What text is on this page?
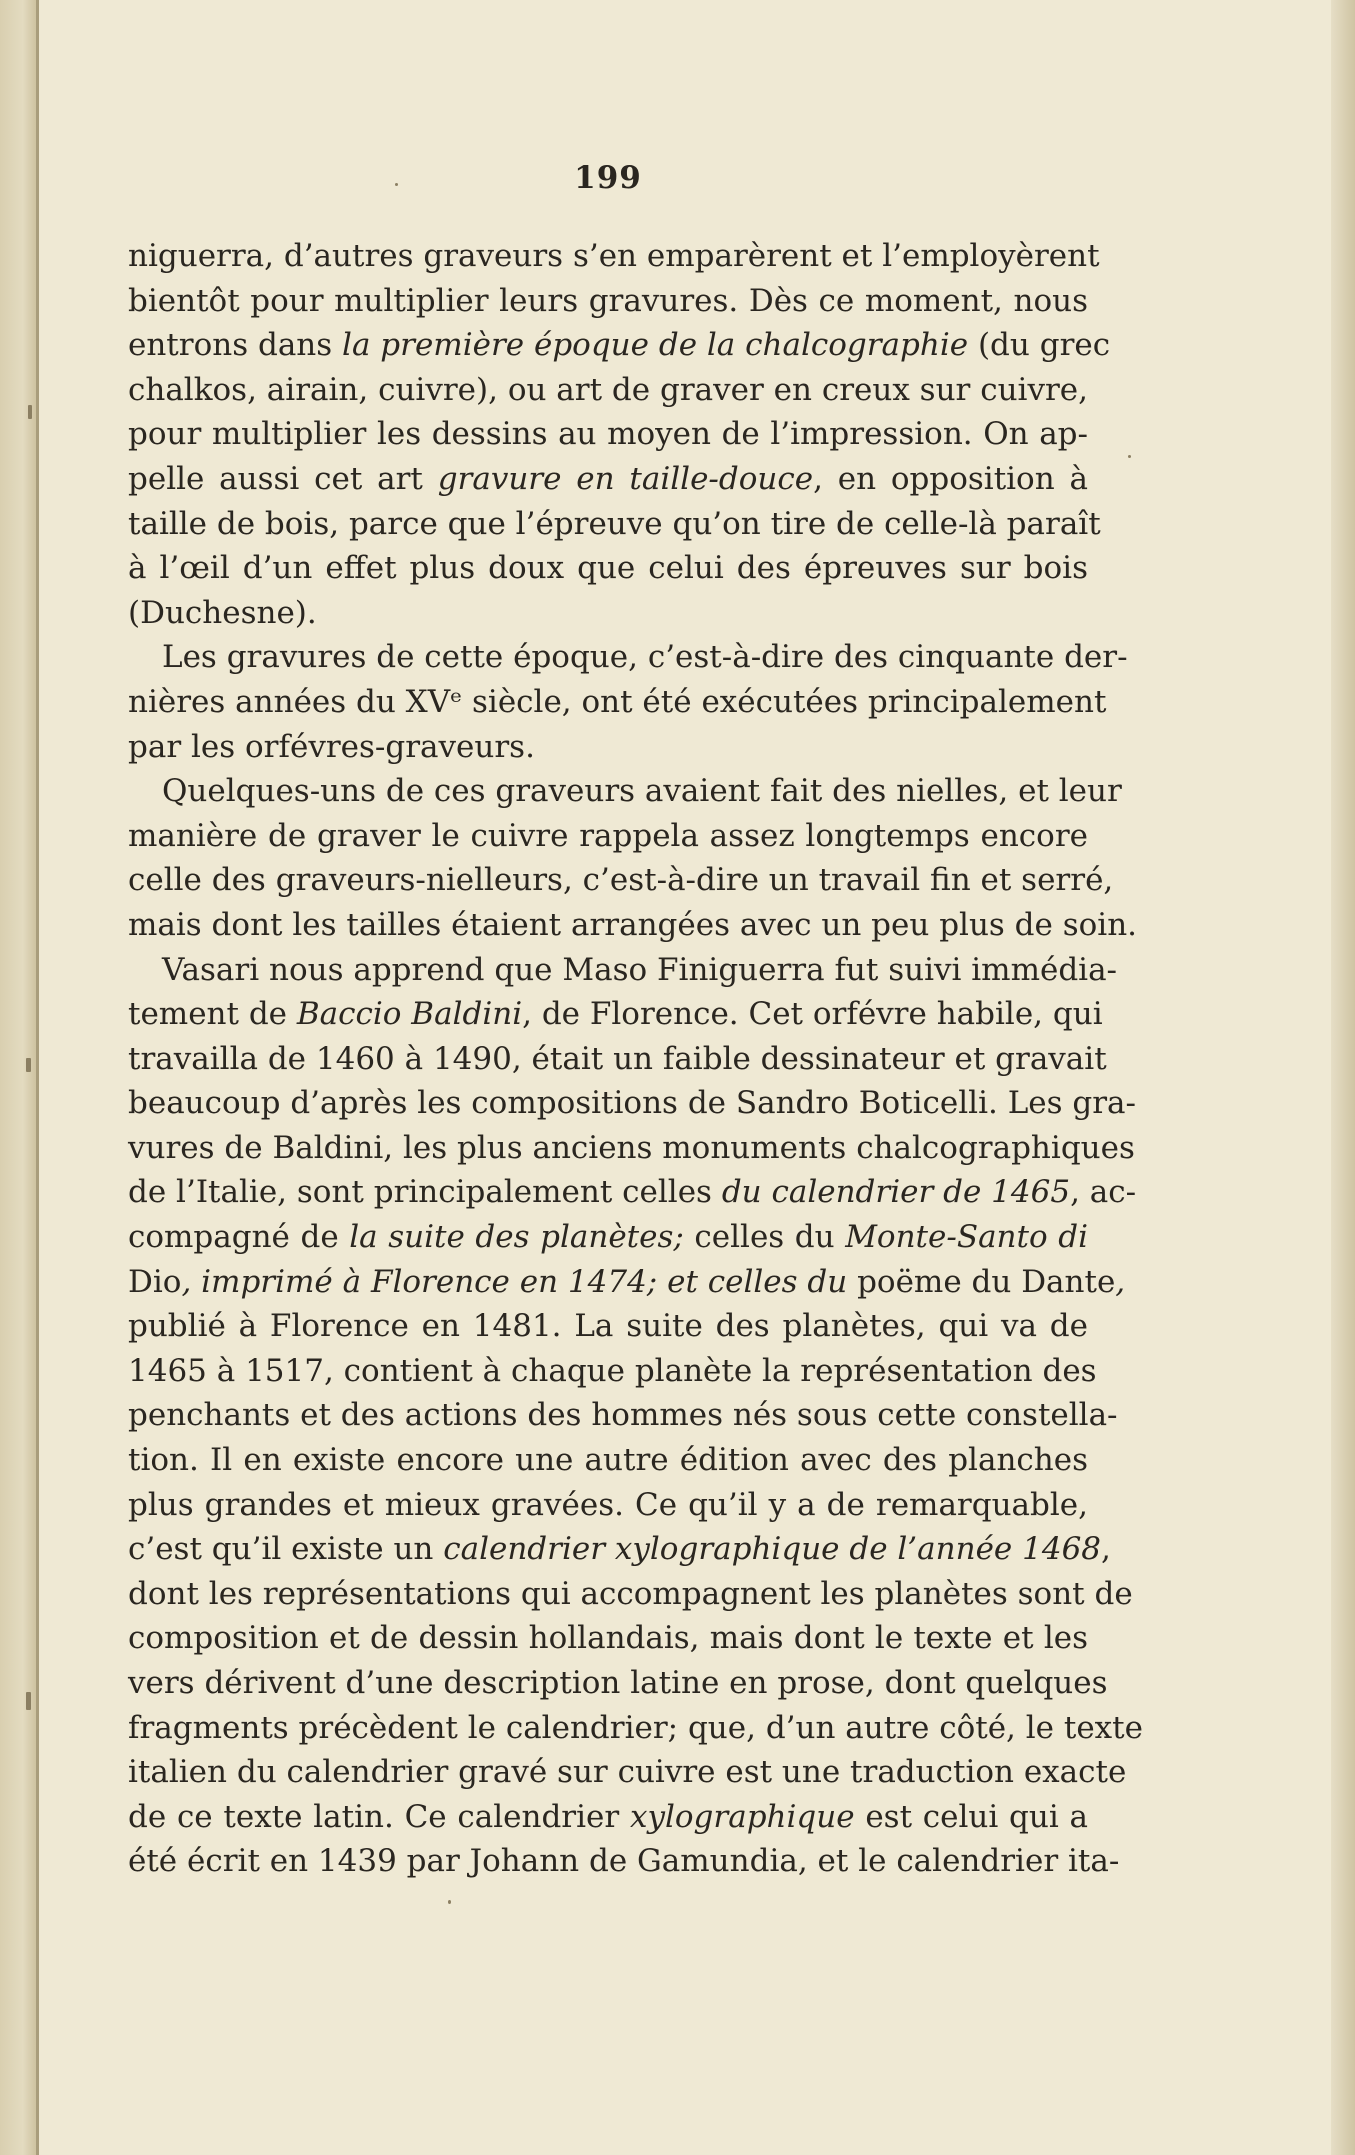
199

niguerra, d’autres graveurs s’en emparèrent et l’employèrent
bientôt pour multiplier leurs gravures. Dès ce moment, nous
entrons dans la première époque de la chalcographie (du grec
chalkos, airain, cuivre), ou art de graver en creux sur cuivre,
pour multiplier les dessins au moyen de l’impression. On ap-
pelle aussi cet art gravure en taille-douce, en opposition à
taille de bois, parce que l’épreuve qu’on tire de celle-là paraît
à l’œil d’un effet plus doux que celui des épreuves sur bois
(Duchesne).

Les gravures de cette époque, c’est-à-dire des cinquante der-
nières années du XVᵉ siècle, ont été exécutées principalement
par les orfévres-graveurs.

Quelques-uns de ces graveurs avaient fait des nielles, et leur
manière de graver le cuivre rappela assez longtemps encore
celle des graveurs-nielleurs, c’est-à-dire un travail fin et serré,
mais dont les tailles étaient arrangées avec un peu plus de soin.

Vasari nous apprend que Maso Finiguerra fut suivi immédia-
tement de Baccio Baldini, de Florence. Cet orfévre habile, qui
travailla de 1460 à 1490, était un faible dessinateur et gravait
beaucoup d’après les compositions de Sandro Boticelli. Les gra-
vures de Baldini, les plus anciens monuments chalcographiques
de l’Italie, sont principalement celles du calendrier de 1465, ac-
compagné de la suite des planètes; celles du Monte-Santo di
Dio, imprimé à Florence en 1474; et celles du poëme du Dante,
publié à Florence en 1481. La suite des planètes, qui va de
1465 à 1517, contient à chaque planète la représentation des
penchants et des actions des hommes nés sous cette constella-
tion. Il en existe encore une autre édition avec des planches
plus grandes et mieux gravées. Ce qu’il y a de remarquable,
c’est qu’il existe un calendrier xylographique de l’année 1468,
dont les représentations qui accompagnent les planètes sont de
composition et de dessin hollandais, mais dont le texte et les
vers dérivent d’une description latine en prose, dont quelques
fragments précèdent le calendrier; que, d’un autre côté, le texte
italien du calendrier gravé sur cuivre est une traduction exacte
de ce texte latin. Ce calendrier xylographique est celui qui a
été écrit en 1439 par Johann de Gamundia, et le calendrier ita-
